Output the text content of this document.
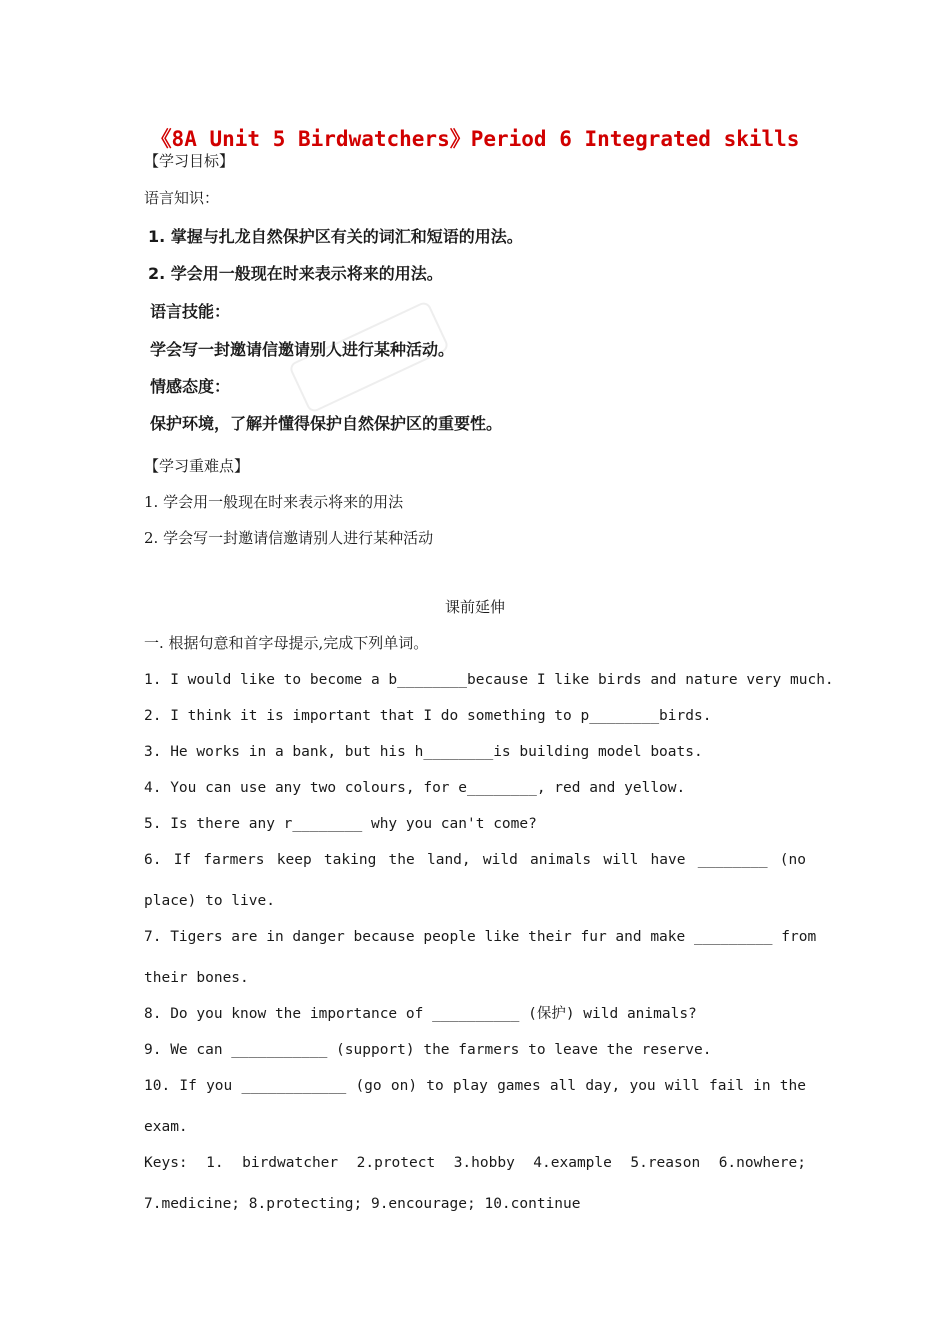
《8A Unit 5 Birdwatchers》Period 6 Integrated skills
【学习目标】
语言知识：
1. 掌握与扎龙自然保护区有关的词汇和短语的用法。
2. 学会用一般现在时来表示将来的用法。
语言技能：
学会写一封邀请信邀请别人进行某种活动。
情感态度：
保护环境，了解并懂得保护自然保护区的重要性。
【学习重难点】
1. 学会用一般现在时来表示将来的用法
2. 学会写一封邀请信邀请别人进行某种活动
课前延伸
一. 根据句意和首字母提示,完成下列单词。
1. I would like to become a b________because I like birds and nature very much.
2. I think it is important that I do something to p________birds.
3. He works in a bank, but his h________is building model boats.
4. You can use any two colours, for e________, red and yellow.
5. Is there any r________ why you can't come?
6. If farmers keep taking the land, wild animals will have ________ (no
place) to live.
7. Tigers are in danger because people like their fur and make _________ from
their bones.
8. Do you know the importance of __________ (保护) wild animals?
9. We can ___________ (support) the farmers to leave the reserve.
10. If you ____________ (go on) to play games all day, you will fail in the
exam.
Keys: 1. birdwatcher 2.protect 3.hobby 4.example 5.reason 6.nowhere;
7.medicine; 8.protecting; 9.encourage; 10.continue
